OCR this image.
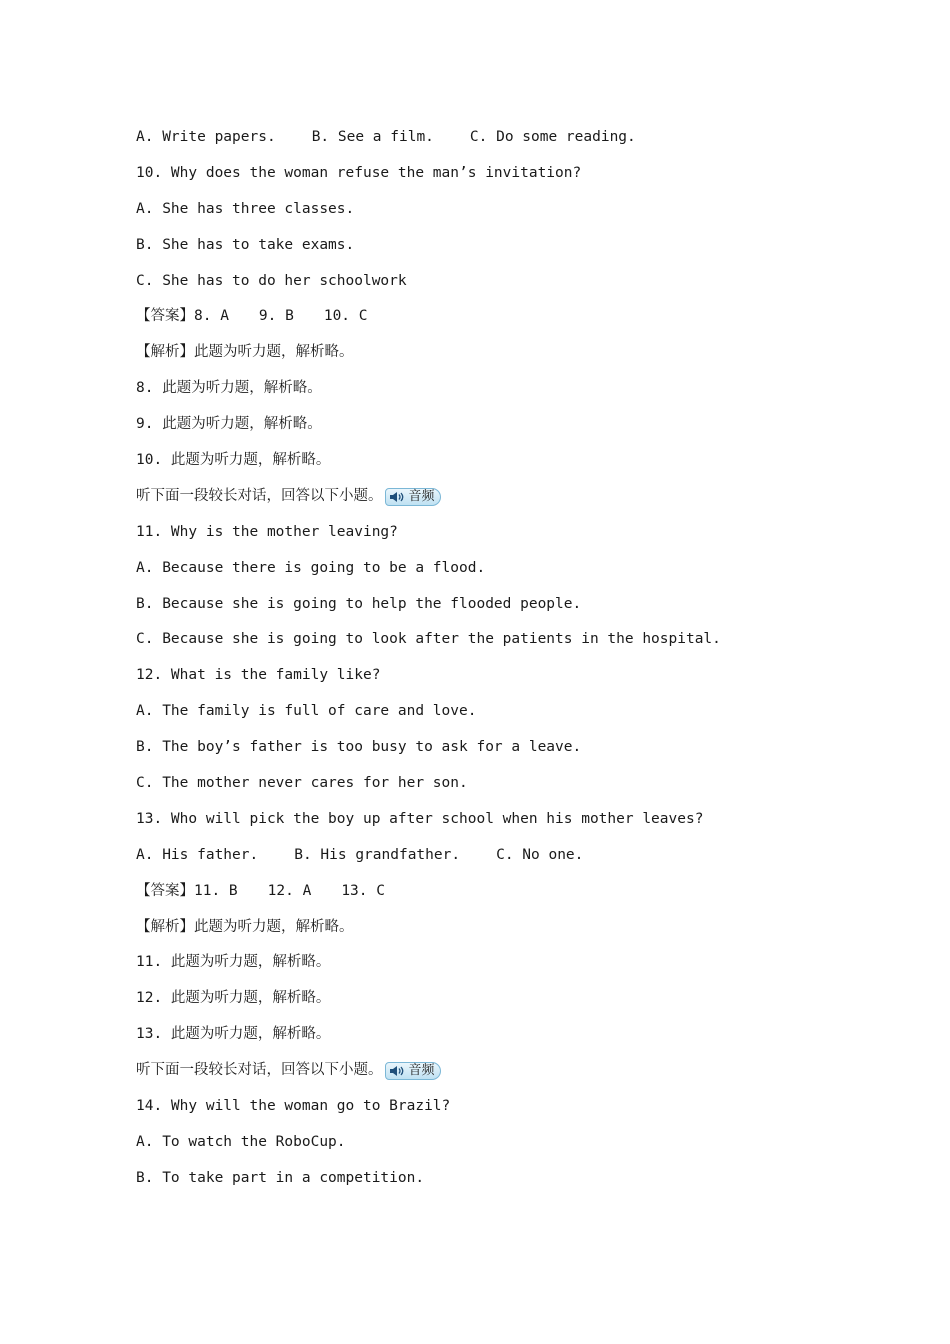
A. Write papers. B. See a film. C. Do some reading.
10. Why does the woman refuse the man’s invitation?
A. She has three classes.
B. She has to take exams.
C. She has to do her schoolwork
【答案】8. A 9. B 10. C
【解析】此题为听力题，解析略。
8. 此题为听力题，解析略。
9. 此题为听力题，解析略。
10. 此题为听力题，解析略。
听下面一段较长对话，回答以下小题。 音频
11. Why is the mother leaving?
A. Because there is going to be a flood.
B. Because she is going to help the flooded people.
C. Because she is going to look after the patients in the hospital.
12. What is the family like?
A. The family is full of care and love.
B. The boy’s father is too busy to ask for a leave.
C. The mother never cares for her son.
13. Who will pick the boy up after school when his mother leaves?
A. His father. B. His grandfather. C. No one.
【答案】11. B 12. A 13. C
【解析】此题为听力题，解析略。
11. 此题为听力题，解析略。
12. 此题为听力题，解析略。
13. 此题为听力题，解析略。
听下面一段较长对话，回答以下小题。 音频
14. Why will the woman go to Brazil?
A. To watch the RoboCup.
B. To take part in a competition.
